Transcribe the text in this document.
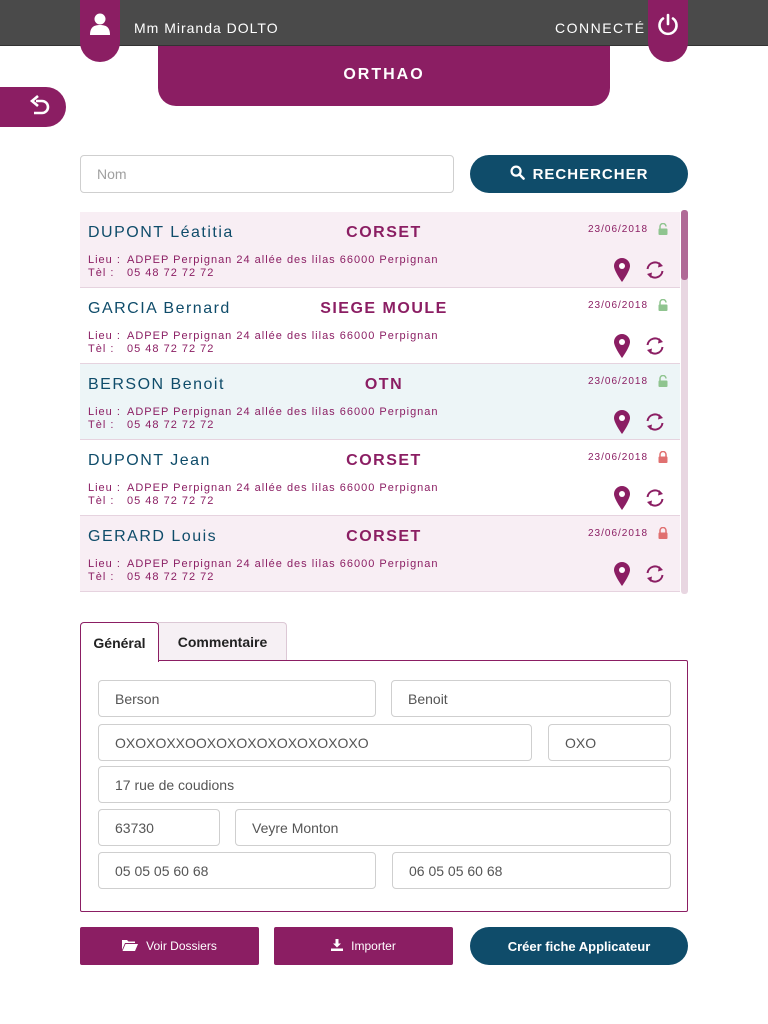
Mm Miranda DOLTO	CONNECTÉ
ORTHAO
Nom
RECHERCHER
DUPONT Léatitia	CORSET	23/06/2018
Lieu : ADPEP Perpignan 24 allée des lilas 66000 Perpignan
Tèl : 05 48 72 72 72
GARCIA Bernard	SIEGE MOULE	23/06/2018
Lieu : ADPEP Perpignan 24 allée des lilas 66000 Perpignan
Tèl : 05 48 72 72 72
BERSON Benoit	OTN	23/06/2018
Lieu : ADPEP Perpignan 24 allée des lilas 66000 Perpignan
Tèl : 05 48 72 72 72
DUPONT Jean	CORSET	23/06/2018
Lieu : ADPEP Perpignan 24 allée des lilas 66000 Perpignan
Tèl : 05 48 72 72 72
GERARD Louis	CORSET	23/06/2018
Lieu : ADPEP Perpignan 24 allée des lilas 66000 Perpignan
Tèl : 05 48 72 72 72
Général	Commentaire
Berson	Benoit
OXOXOXXOOXOXOXOXOXOXOXOXO	OXO
17 rue de coudions
63730	Veyre Monton
05 05 05 60 68	06 05 05 60 68
Voir Dossiers	Importer	Créer fiche Applicateur
